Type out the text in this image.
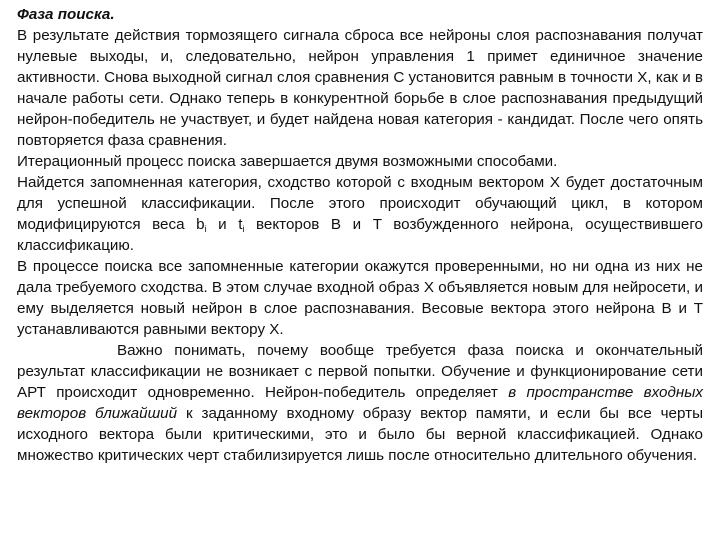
Фаза поиска.

В результате действия тормозящего сигнала сброса все нейроны слоя распознавания получат нулевые выходы, и, следовательно, нейрон управления 1 примет единичное значение активности. Снова выходной сигнал слоя сравнения С установится равным в точности X, как и в начале работы сети. Однако теперь в конкурентной борьбе в слое распознавания предыдущий нейрон-победитель не участвует, и будет найдена новая категория - кандидат. После чего опять повторяется фаза сравнения.

Итерационный процесс поиска завершается двумя возможными способами.

Найдется запомненная категория, сходство которой с входным вектором X будет достаточным для успешной классификации. После этого происходит обучающий цикл, в котором модифицируются веса $b_i$ и $t_i$ векторов B и T возбужденного нейрона, осуществившего классификацию.

В процессе поиска все запомненные категории окажутся проверенными, но ни одна из них не дала требуемого сходства. В этом случае входной образ X объявляется новым для нейросети, и ему выделяется новый нейрон в слое распознавания. Весовые вектора этого нейрона B и T устанавливаются равными вектору X.

Важно понимать, почему вообще требуется фаза поиска и окончательный результат классификации не возникает с первой попытки. Обучение и функционирование сети АРТ происходит одновременно. Нейрон-победитель определяет в пространстве входных векторов ближайший к заданному входному образу вектор памяти, и если бы все черты исходного вектора были критическими, это и было бы верной классификацией. Однако множество критических черт стабилизируется лишь после относительно длительного обучения.
